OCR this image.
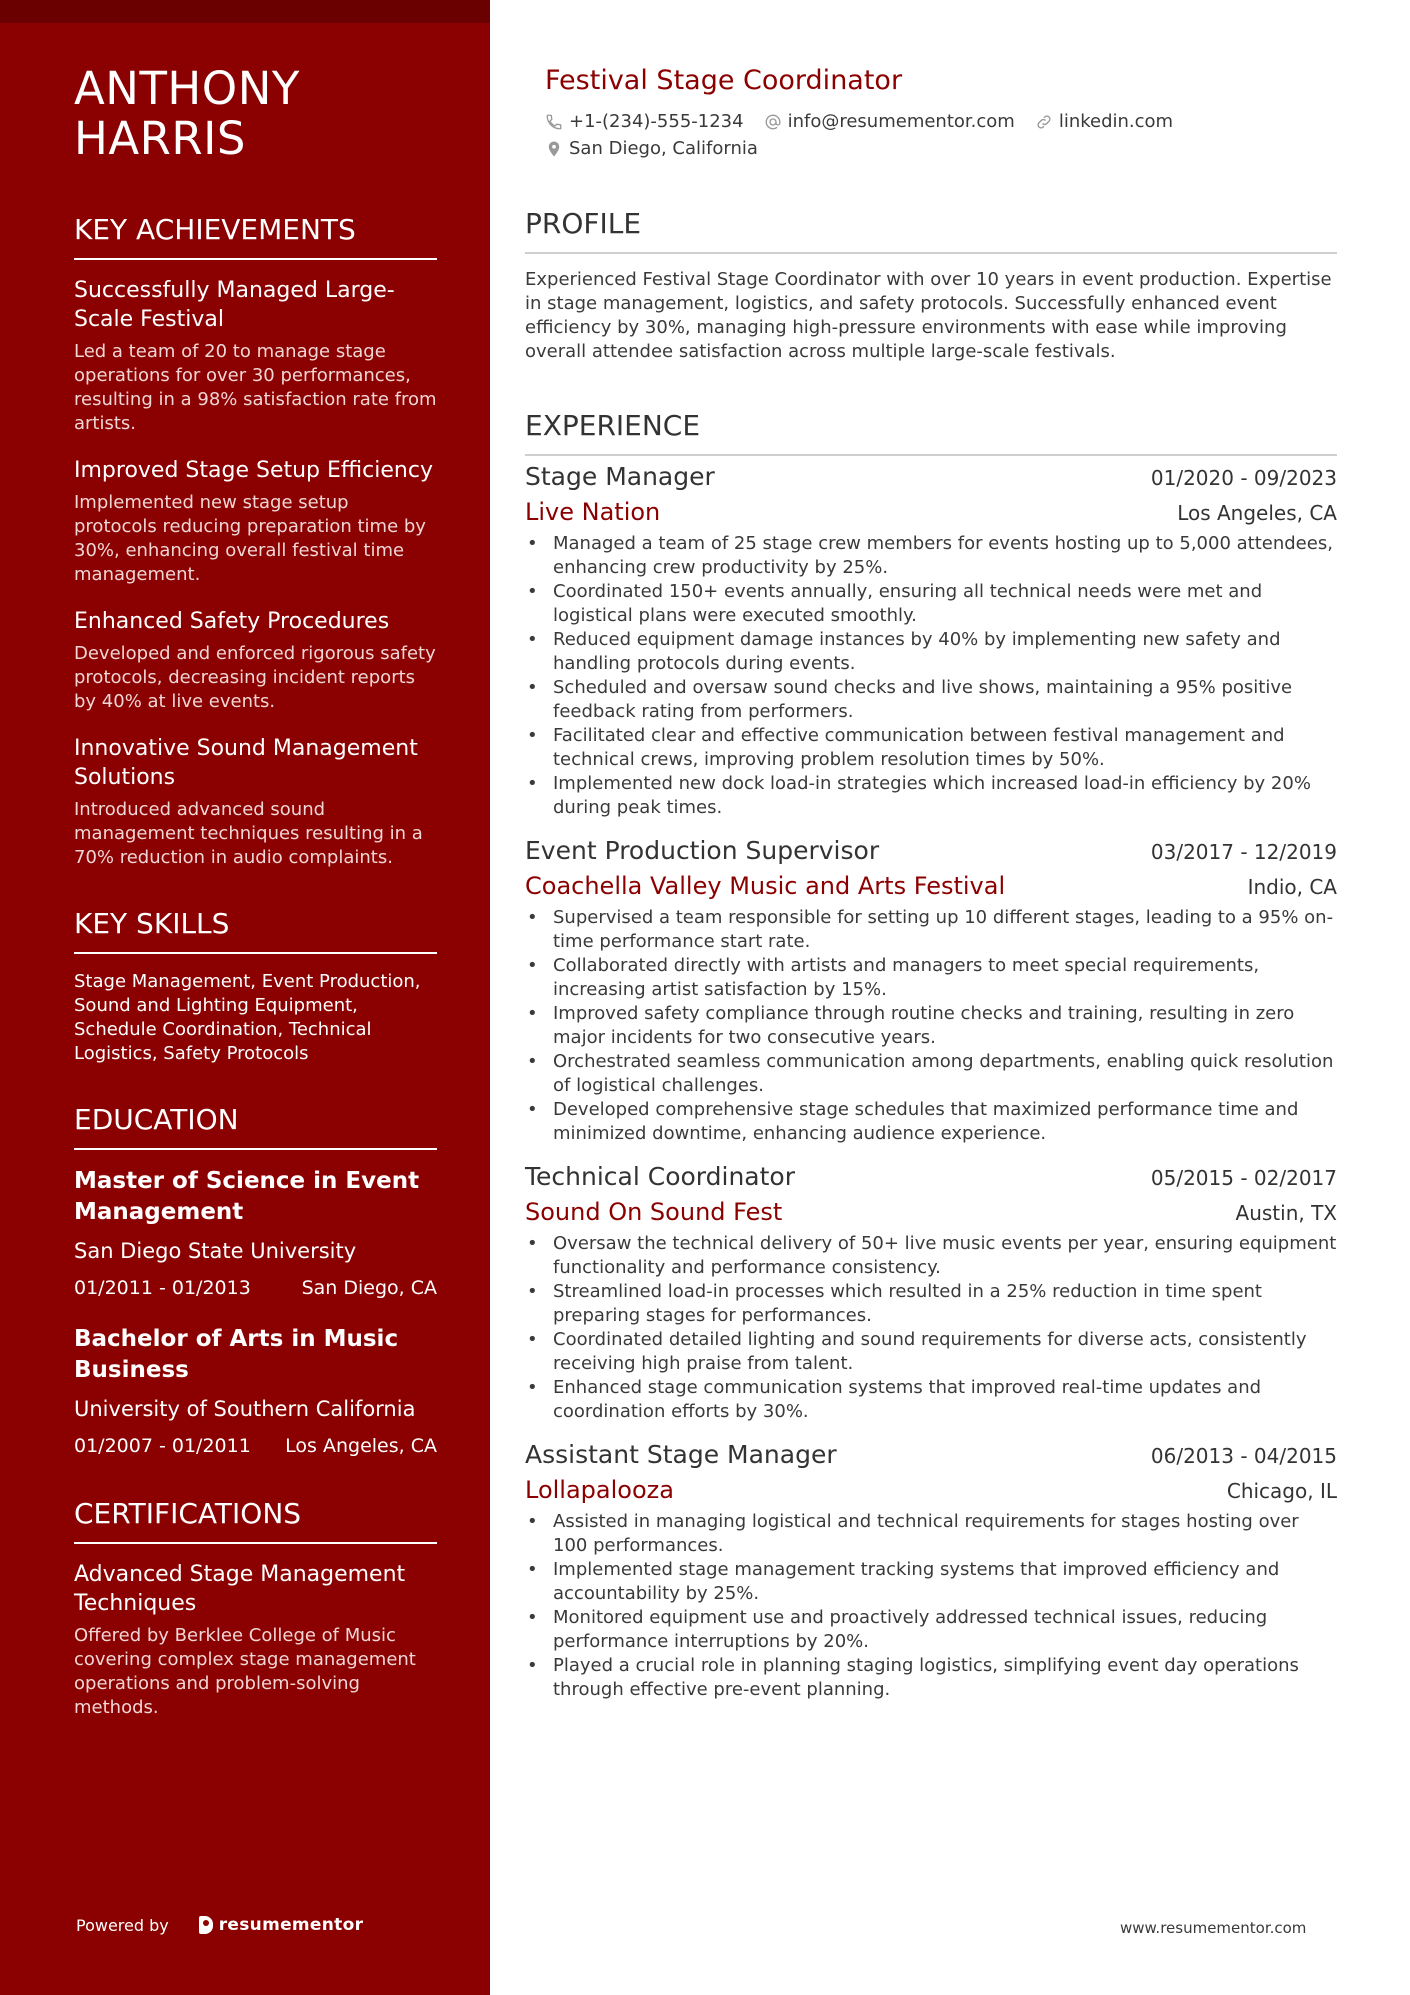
ANTHONY HARRIS
KEY ACHIEVEMENTS
Successfully Managed Large-Scale Festival
Led a team of 20 to manage stage operations for over 30 performances, resulting in a 98% satisfaction rate from artists.
Improved Stage Setup Efficiency
Implemented new stage setup protocols reducing preparation time by 30%, enhancing overall festival time management.
Enhanced Safety Procedures
Developed and enforced rigorous safety protocols, decreasing incident reports by 40% at live events.
Innovative Sound Management Solutions
Introduced advanced sound management techniques resulting in a 70% reduction in audio complaints.
KEY SKILLS
Stage Management, Event Production, Sound and Lighting Equipment, Schedule Coordination, Technical Logistics, Safety Protocols
EDUCATION
Master of Science in Event Management
San Diego State University
01/2011 - 01/2013	San Diego, CA
Bachelor of Arts in Music Business
University of Southern California
01/2007 - 01/2011 Los Angeles, CA
CERTIFICATIONS
Advanced Stage Management Techniques
Offered by Berklee College of Music covering complex stage management operations and problem-solving methods.
Powered by	resumementor
Festival Stage Coordinator
+1-(234)-555-1234 info@resumementor.com linkedin.com
San Diego, California
PROFILE

Experienced Festival Stage Coordinator with over 10 years in event production. Expertise in stage management, logistics, and safety protocols. Successfully enhanced event efficiency by 30%, managing high-pressure environments with ease while improving overall attendee satisfaction across multiple large-scale festivals.

EXPERIENCE
Stage Manager	01/2020 - 09/2023
Live Nation	Los Angeles, CA
• Managed a team of 25 stage crew members for events hosting up to 5,000 attendees, enhancing crew productivity by 25%.
• Coordinated 150+ events annually, ensuring all technical needs were met and logistical plans were executed smoothly.
• Reduced equipment damage instances by 40% by implementing new safety and handling protocols during events.
• Scheduled and oversaw sound checks and live shows, maintaining a 95% positive feedback rating from performers.
• Facilitated clear and effective communication between festival management and technical crews, improving problem resolution times by 50%.
• Implemented new dock load-in strategies which increased load-in efficiency by 20% during peak times.
Event Production Supervisor	03/2017 - 12/2019
Coachella Valley Music and Arts Festival	Indio, CA
• Supervised a team responsible for setting up 10 different stages, leading to a 95% on-time performance start rate.
• Collaborated directly with artists and managers to meet special requirements, increasing artist satisfaction by 15%.
• Improved safety compliance through routine checks and training, resulting in zero major incidents for two consecutive years.
• Orchestrated seamless communication among departments, enabling quick resolution of logistical challenges.
• Developed comprehensive stage schedules that maximized performance time and minimized downtime, enhancing audience experience.
Technical Coordinator	05/2015 - 02/2017
Sound On Sound Fest	Austin, TX
• Oversaw the technical delivery of 50+ live music events per year, ensuring equipment functionality and performance consistency.
• Streamlined load-in processes which resulted in a 25% reduction in time spent preparing stages for performances.
• Coordinated detailed lighting and sound requirements for diverse acts, consistently receiving high praise from talent.
• Enhanced stage communication systems that improved real-time updates and coordination efforts by 30%.
Assistant Stage Manager	06/2013 - 04/2015
Lollapalooza	Chicago, IL
• Assisted in managing logistical and technical requirements for stages hosting over 100 performances.
• Implemented stage management tracking systems that improved efficiency and accountability by 25%.
• Monitored equipment use and proactively addressed technical issues, reducing performance interruptions by 20%.
• Played a crucial role in planning staging logistics, simplifying event day operations through effective pre-event planning.
www.resumementor.com
